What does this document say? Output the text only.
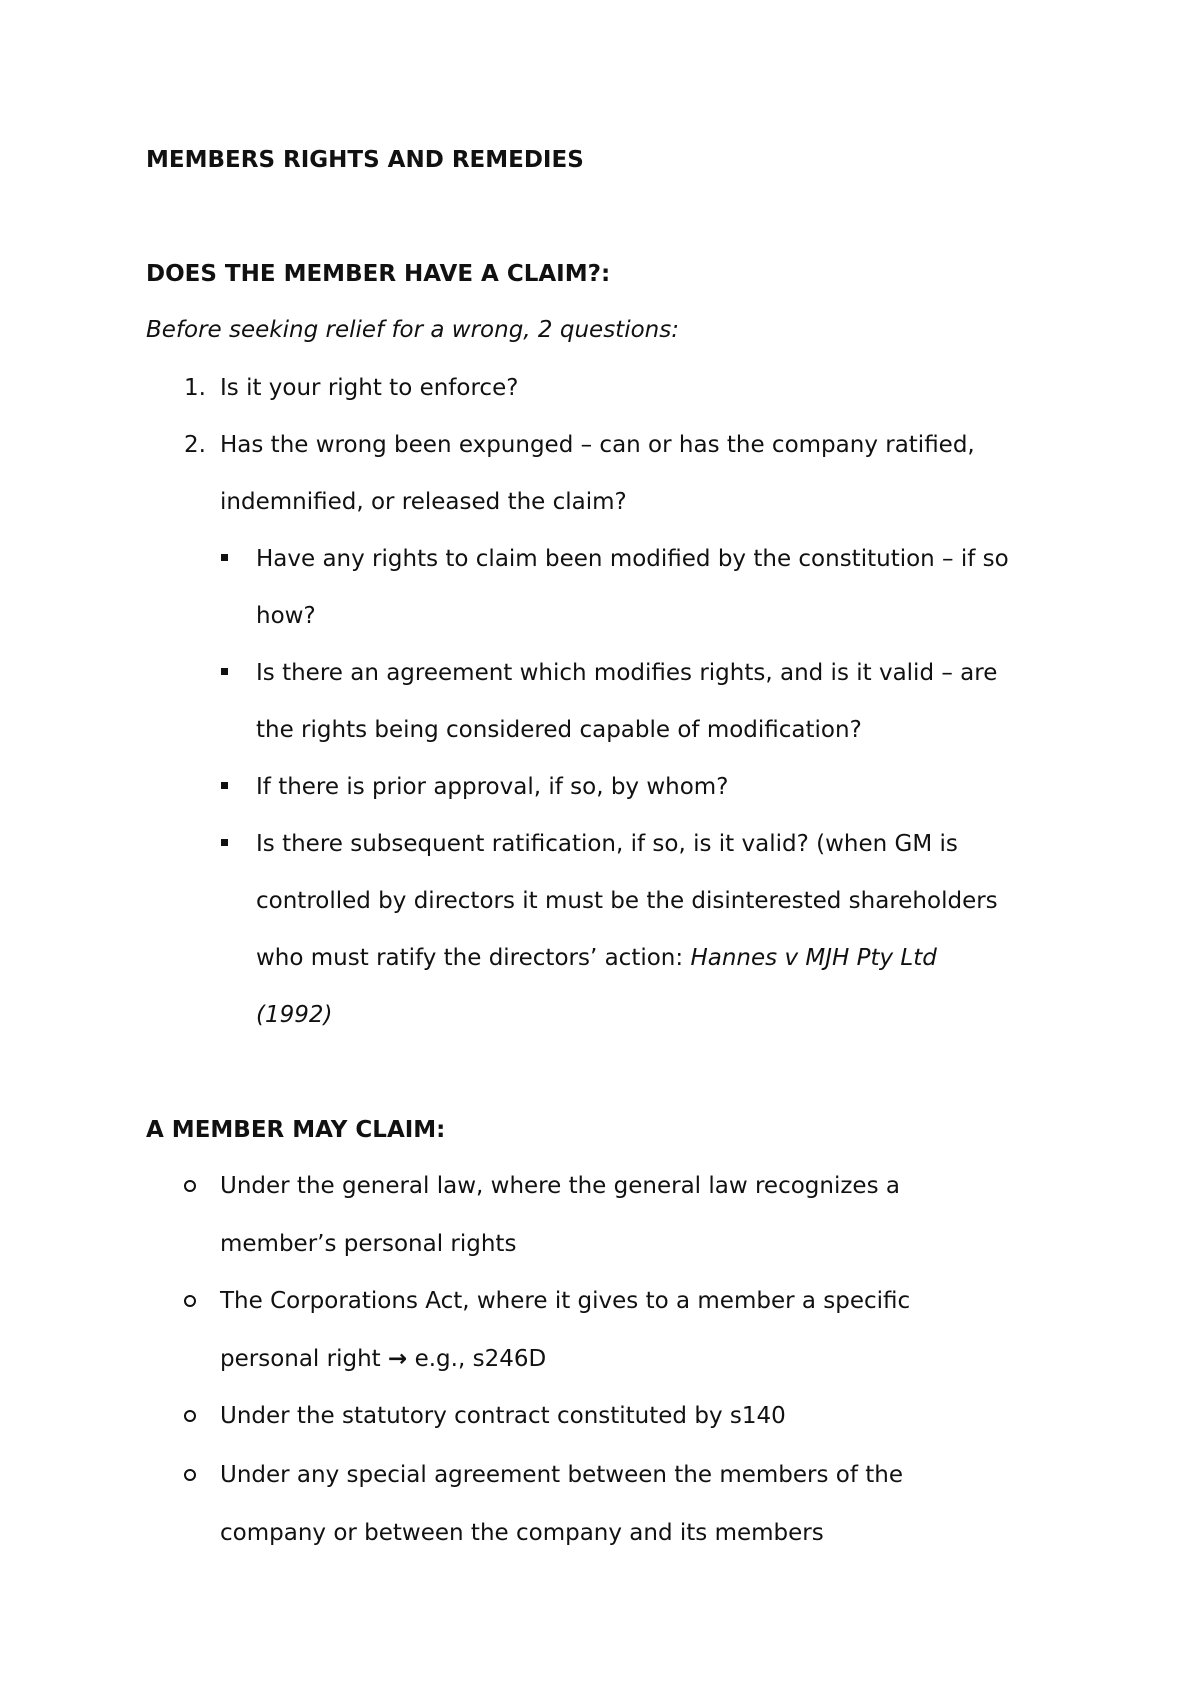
MEMBERS RIGHTS AND REMEDIES
DOES THE MEMBER HAVE A CLAIM?:

Before seeking relief for a wrong, 2 questions:

1. Is it your right to enforce?
2. Has the wrong been expunged – can or has the company ratified,
indemnified, or released the claim?
Have any rights to claim been modified by the constitution – if so
how?
Is there an agreement which modifies rights, and is it valid – are
the rights being considered capable of modification?
If there is prior approval, if so, by whom?
Is there subsequent ratification, if so, is it valid? (when GM is
controlled by directors it must be the disinterested shareholders
who must ratify the directors’ action: Hannes v MJH Pty Ltd
(1992)
A MEMBER MAY CLAIM:
Under the general law, where the general law recognizes a
member’s personal rights
The Corporations Act, where it gives to a member a specific
personal right → e.g., s246D
Under the statutory contract constituted by s140
Under any special agreement between the members of the
company or between the company and its members
